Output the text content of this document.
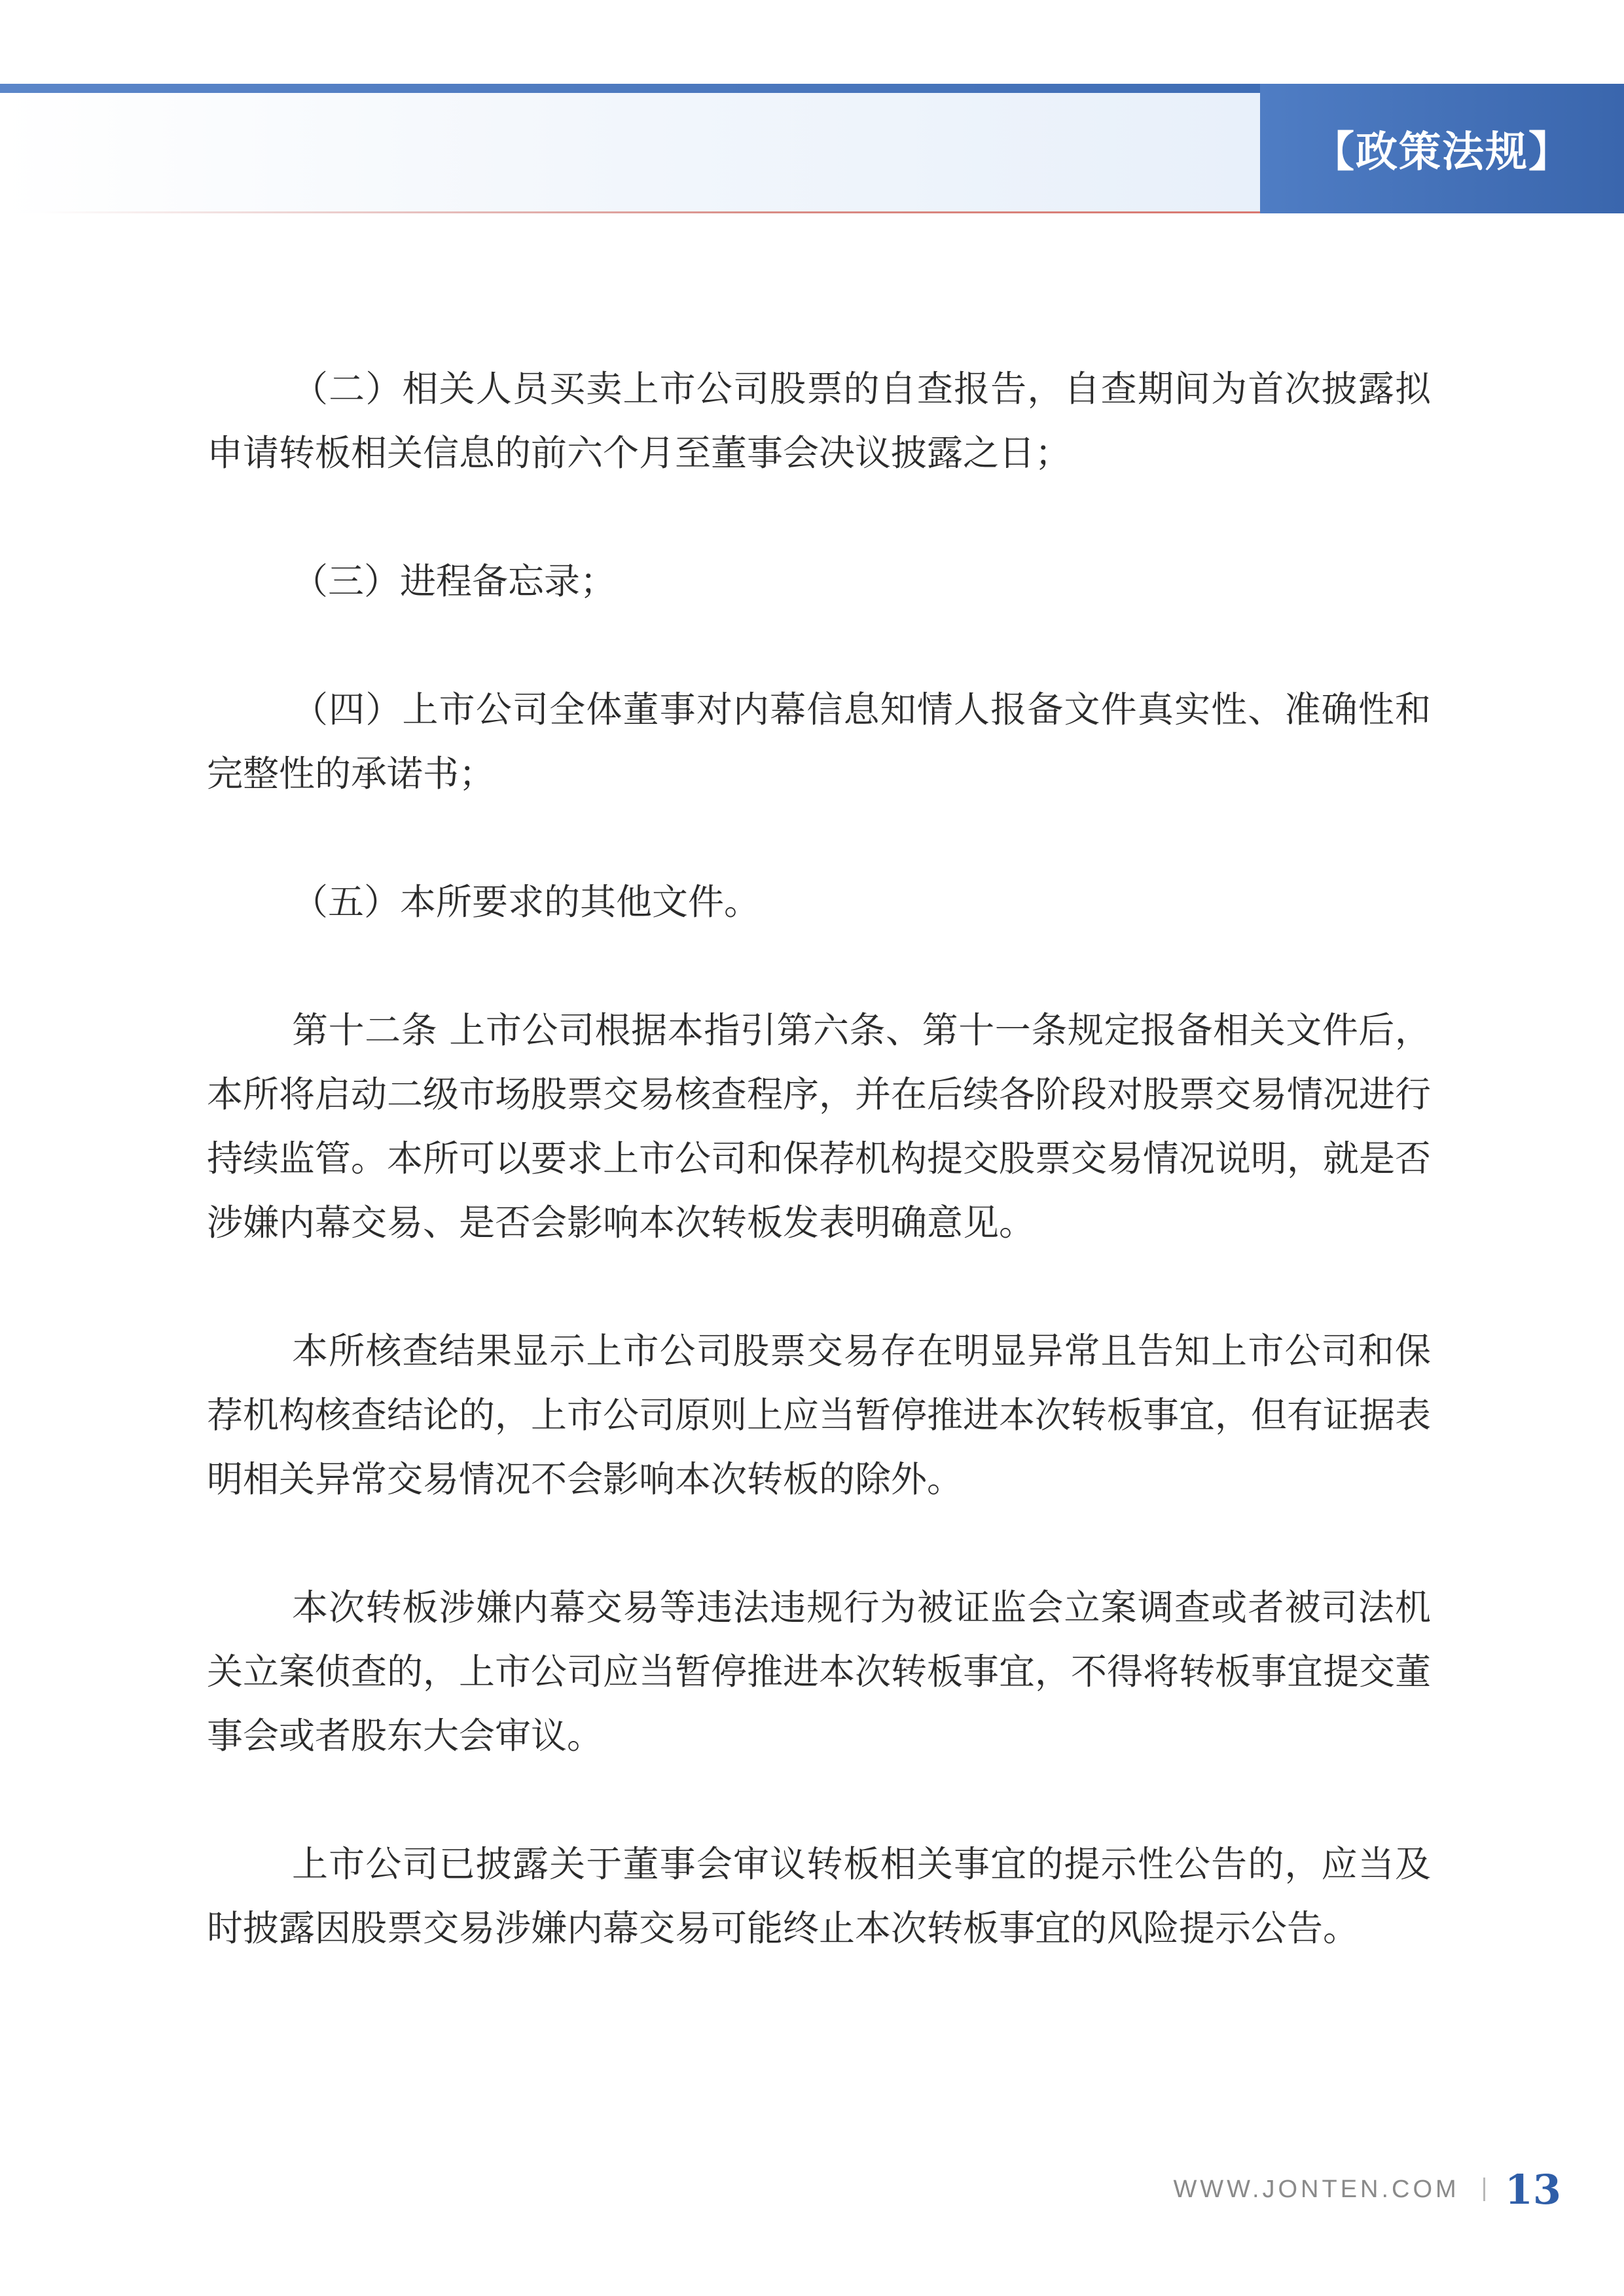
【政策法规】

（二）相关人员买卖上市公司股票的自查报告，自查期间为首次披露拟申请转板相关信息的前六个月至董事会决议披露之日；

（三）进程备忘录；

（四）上市公司全体董事对内幕信息知情人报备文件真实性、准确性和完整性的承诺书；

（五）本所要求的其他文件。

第十二条 上市公司根据本指引第六条、第十一条规定报备相关文件后，本所将启动二级市场股票交易核查程序，并在后续各阶段对股票交易情况进行持续监管。本所可以要求上市公司和保荐机构提交股票交易情况说明，就是否涉嫌内幕交易、是否会影响本次转板发表明确意见。

本所核查结果显示上市公司股票交易存在明显异常且告知上市公司和保荐机构核查结论的，上市公司原则上应当暂停推进本次转板事宜，但有证据表明相关异常交易情况不会影响本次转板的除外。

本次转板涉嫌内幕交易等违法违规行为被证监会立案调查或者被司法机关立案侦查的，上市公司应当暂停推进本次转板事宜，不得将转板事宜提交董事会或者股东大会审议。

上市公司已披露关于董事会审议转板相关事宜的提示性公告的，应当及时披露因股票交易涉嫌内幕交易可能终止本次转板事宜的风险提示公告。

WWW.JONTEN.COM 13
